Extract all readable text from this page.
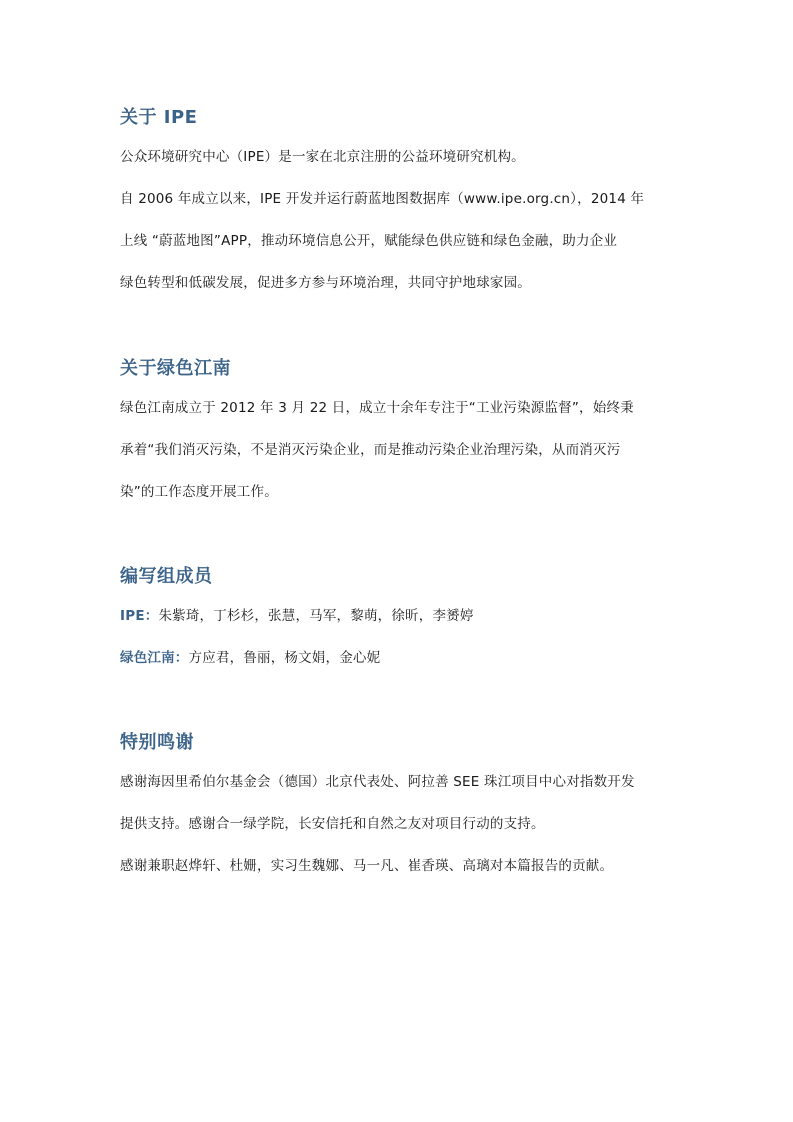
关于 IPE
公众环境研究中心（IPE）是一家在北京注册的公益环境研究机构。
自 2006 年成立以来，IPE 开发并运行蔚蓝地图数据库（www.ipe.org.cn），2014 年
上线 “蔚蓝地图”APP，推动环境信息公开，赋能绿色供应链和绿色金融，助力企业
绿色转型和低碳发展，促进多方参与环境治理，共同守护地球家园。
关于绿色江南
绿色江南成立于 2012 年 3 月 22 日，成立十余年专注于“工业污染源监督”，始终秉
承着“我们消灭污染，不是消灭污染企业，而是推动污染企业治理污染，从而消灭污
染”的工作态度开展工作。
编写组成员
IPE：朱紫琦，丁杉杉，张慧，马军，黎萌，徐昕，李赟婷
绿色江南：方应君，鲁丽，杨文娟，金心妮
特别鸣谢
感谢海因里希伯尔基金会（德国）北京代表处、阿拉善 SEE 珠江项目中心对指数开发
提供支持。感谢合一绿学院，长安信托和自然之友对项目行动的支持。
感谢兼职赵烨轩、杜姗，实习生魏娜、马一凡、崔香瑛、高璃对本篇报告的贡献。
